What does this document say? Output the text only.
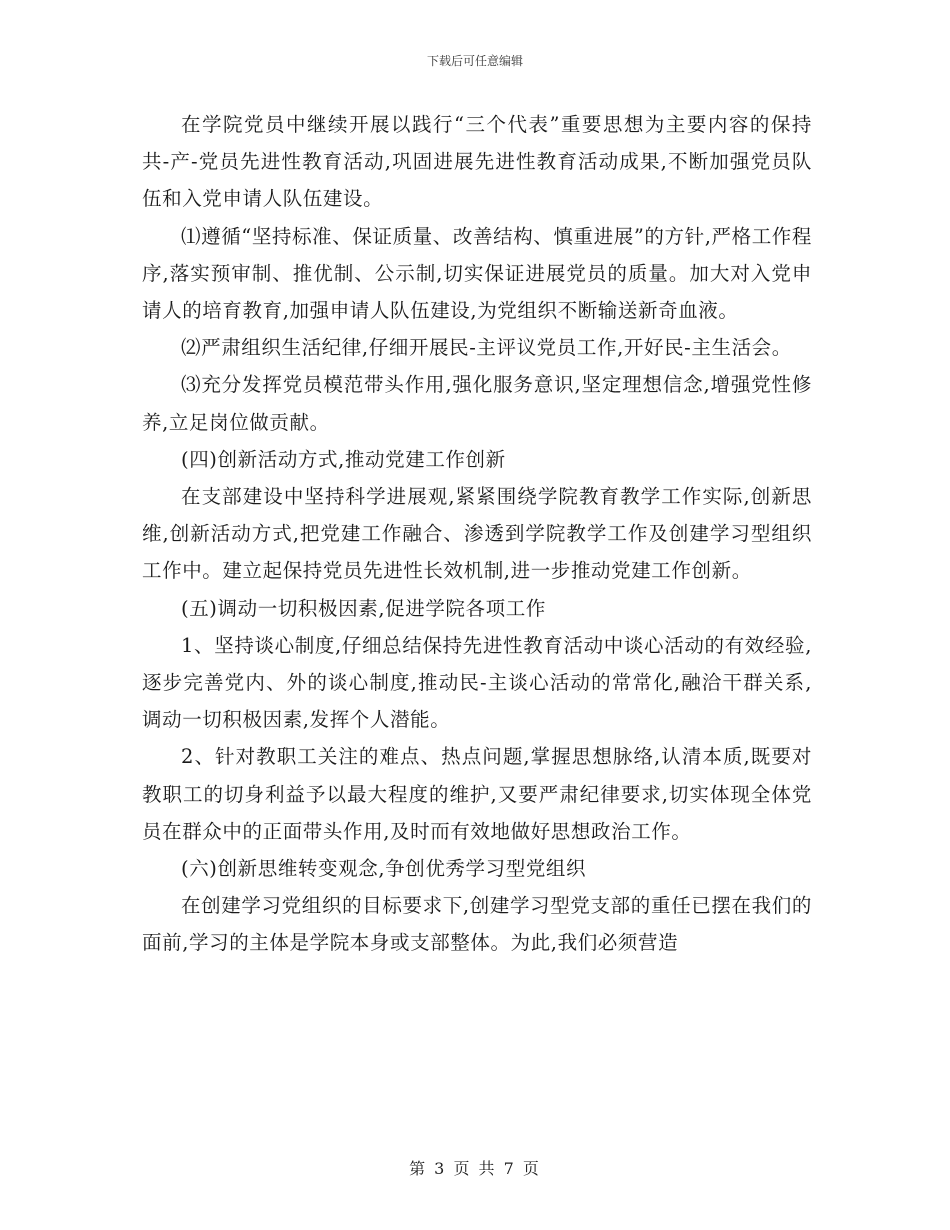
下载后可任意编辑

在学院党员中继续开展以践行“三个代表”重要思想为主要内容的保持共-产-党员先进性教育活动,巩固进展先进性教育活动成果,不断加强党员队伍和入党申请人队伍建设。

⑴遵循“坚持标准、保证质量、改善结构、慎重进展”的方针,严格工作程序,落实预审制、推优制、公示制,切实保证进展党员的质量。加大对入党申请人的培育教育,加强申请人队伍建设,为党组织不断输送新奇血液。

⑵严肃组织生活纪律,仔细开展民-主评议党员工作,开好民-主生活会。

⑶充分发挥党员模范带头作用,强化服务意识,坚定理想信念,增强党性修养,立足岗位做贡献。

(四)创新活动方式,推动党建工作创新

在支部建设中坚持科学进展观,紧紧围绕学院教育教学工作实际,创新思维,创新活动方式,把党建工作融合、渗透到学院教学工作及创建学习型组织工作中。建立起保持党员先进性长效机制,进一步推动党建工作创新。

(五)调动一切积极因素,促进学院各项工作

1、坚持谈心制度,仔细总结保持先进性教育活动中谈心活动的有效经验,逐步完善党内、外的谈心制度,推动民-主谈心活动的常常化,融洽干群关系,调动一切积极因素,发挥个人潜能。

2、针对教职工关注的难点、热点问题,掌握思想脉络,认清本质,既要对教职工的切身利益予以最大程度的维护,又要严肃纪律要求,切实体现全体党员在群众中的正面带头作用,及时而有效地做好思想政治工作。

(六)创新思维转变观念,争创优秀学习型党组织

在创建学习党组织的目标要求下,创建学习型党支部的重任已摆在我们的面前,学习的主体是学院本身或支部整体。为此,我们必须营造

第 3 页 共 7 页
